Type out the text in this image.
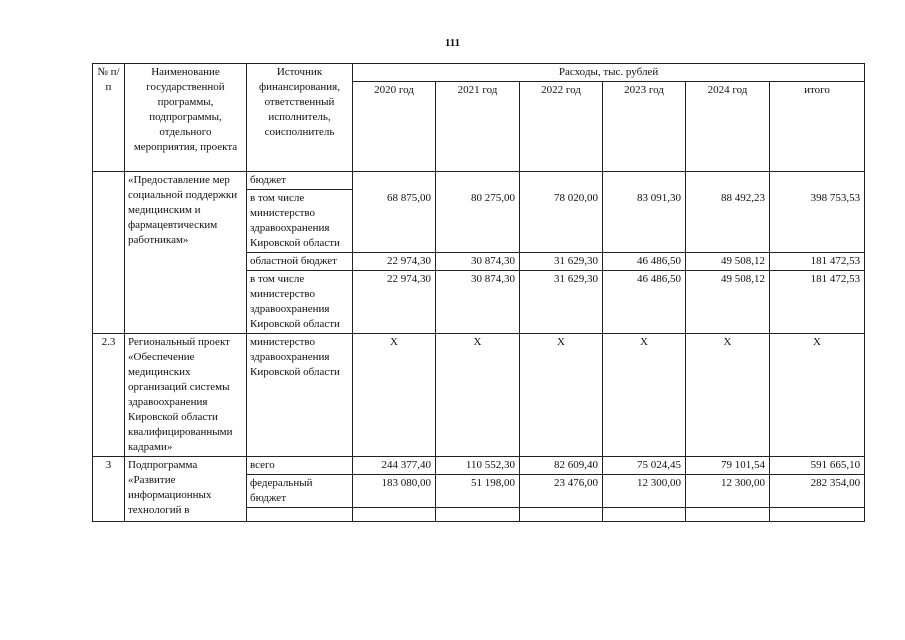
111
№ п/п	Наименование государственной программы, подпрограммы, отдельного мероприятия, проекта	Источник финансирования, ответственный исполнитель, соисполнитель	Расходы, тыс. рублей					
			2020 год	2021 год	2022 год	2023 год	2024 год	итого
	«Предоставление мер социальной поддержки медицинским и фармацевтическим работникам»	бюджет						
		в том числе министерство здравоохранения Кировской области	68 875,00	80 275,00	78 020,00	83 091,30	88 492,23	398 753,53
		областной бюджет	22 974,30	30 874,30	31 629,30	46 486,50	49 508,12	181 472,53
		в том числе министерство здравоохранения Кировской области	22 974,30	30 874,30	31 629,30	46 486,50	49 508,12	181 472,53
2.3	Региональный проект «Обеспечение медицинских организаций системы здравоохранения Кировской области квалифицированными кадрами»	министерство здравоохранения Кировской области	X	X	X	X	X	X
3	Подпрограмма «Развитие информационных технологий в	всего	244 377,40	110 552,30	82 609,40	75 024,45	79 101,54	591 665,10
		федеральный бюджет	183 080,00	51 198,00	23 476,00	12 300,00	12 300,00	282 354,00
